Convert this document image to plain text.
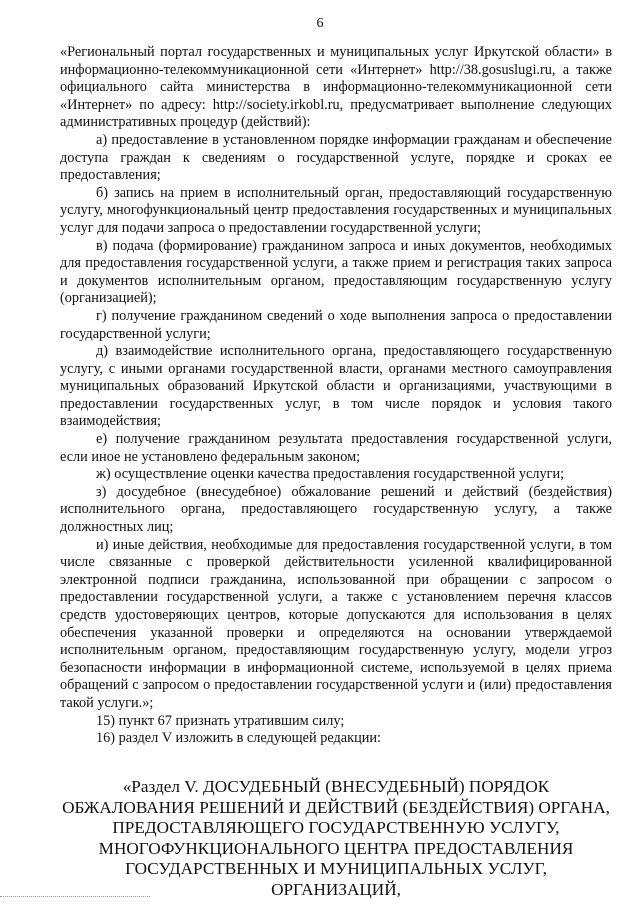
6

«Региональный портал государственных и муниципальных услуг Иркутской области» в информационно-телекоммуникационной сети «Интернет» http://38.gosuslugi.ru, а также официального сайта министерства в информационно-телекоммуникационной сети «Интернет» по адресу: http://society.irkobl.ru, предусматривает выполнение следующих административных процедур (действий):

а) предоставление в установленном порядке информации гражданам и обеспечение доступа граждан к сведениям о государственной услуге, порядке и сроках ее предоставления;

б) запись на прием в исполнительный орган, предоставляющий государственную услугу, многофункциональный центр предоставления государственных и муниципальных услуг для подачи запроса о предоставлении государственной услуги;

в) подача (формирование) гражданином запроса и иных документов, необходимых для предоставления государственной услуги, а также прием и регистрация таких запроса и документов исполнительным органом, предоставляющим государственную услугу (организацией);

г) получение гражданином сведений о ходе выполнения запроса о предоставлении государственной услуги;

д) взаимодействие исполнительного органа, предоставляющего государственную услугу, с иными органами государственной власти, органами местного самоуправления муниципальных образований Иркутской области и организациями, участвующими в предоставлении государственных услуг, в том числе порядок и условия такого взаимодействия;

е) получение гражданином результата предоставления государственной услуги, если иное не установлено федеральным законом;

ж) осуществление оценки качества предоставления государственной услуги;

з) досудебное (внесудебное) обжалование решений и действий (бездействия) исполнительного органа, предоставляющего государственную услугу, а также должностных лиц;

и) иные действия, необходимые для предоставления государственной услуги, в том числе связанные с проверкой действительности усиленной квалифицированной электронной подписи гражданина, использованной при обращении с запросом о предоставлении государственной услуги, а также с установлением перечня классов средств удостоверяющих центров, которые допускаются для использования в целях обеспечения указанной проверки и определяются на основании утверждаемой исполнительным органом, предоставляющим государственную услугу, модели угроз безопасности информации в информационной системе, используемой в целях приема обращений с запросом о предоставлении государственной услуги и (или) предоставления такой услуги.»;

15) пункт 67 признать утратившим силу;

16) раздел V изложить в следующей редакции:

«Раздел V. ДОСУДЕБНЫЙ (ВНЕСУДЕБНЫЙ) ПОРЯДОК
ОБЖАЛОВАНИЯ РЕШЕНИЙ И ДЕЙСТВИЙ (БЕЗДЕЙСТВИЯ) ОРГАНА,
ПРЕДОСТАВЛЯЮЩЕГО ГОСУДАРСТВЕННУЮ УСЛУГУ,
МНОГОФУНКЦИОНАЛЬНОГО ЦЕНТРА ПРЕДОСТАВЛЕНИЯ
ГОСУДАРСТВЕННЫХ И МУНИЦИПАЛЬНЫХ УСЛУГ, ОРГАНИЗАЦИЙ,
